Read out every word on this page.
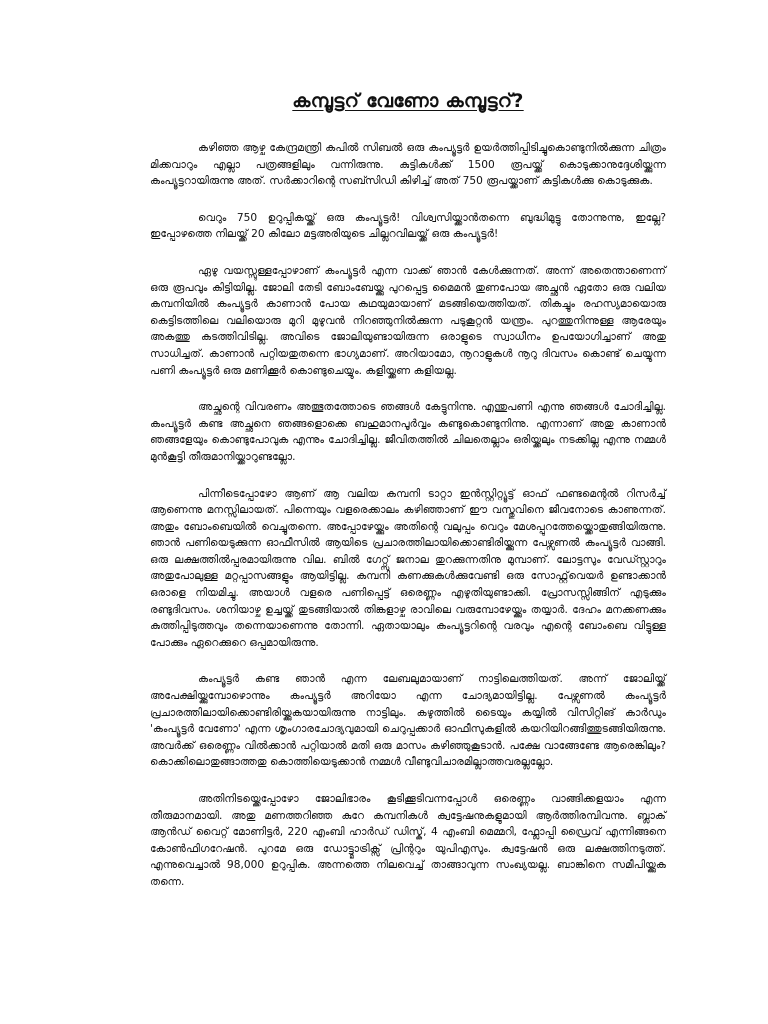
കമ്പൂട്ടറ് വേണോ കമ്പൂട്ടറ്?

കഴിഞ്ഞ ആഴ്ച കേന്ദ്രമന്ത്രി കപിൽ സിബൽ ഒരു കംപ്യൂട്ടർ ഉയർത്തിപ്പിടിച്ചുകൊണ്ടുനിൽക്കുന്ന ചിത്രം മിക്കവാറും എല്ലാ പത്രങ്ങളിലും വന്നിരുന്നു. കുട്ടികൾക്ക് 1500 രൂപയ്ക്ക് കൊടുക്കാനുദ്ദേശിയ്ക്കുന്ന കംപ്യൂട്ടറായിരുന്നു അത്. സർക്കാറിന്റെ സബ്സിഡി കിഴിച്ച് അത് 750 രൂപയ്ക്കാണ് കുട്ടികൾക്കു കൊടുക്കുക.

വെറും 750 ഉറുപ്പികയ്ക്ക് ഒരു കംപ്യൂട്ടർ! വിശ്വസിയ്ക്കാൻതന്നെ ബുദ്ധിമുട്ടു തോന്നുന്നു, ഇല്ലേ? ഇപ്പോഴത്തെ നിലയ്ക്ക് 20 കിലോ മട്ടഅരിയുടെ ചില്ലറവിലയ്ക്ക് ഒരു കംപ്യൂട്ടർ!

ഏഴു വയസ്സുള്ളപ്പോഴാണ് കംപ്യൂട്ടർ എന്ന വാക്ക് ഞാൻ കേൾക്കുന്നത്. അന്ന് അതെന്താണെന്ന് ഒരു രൂപവും കിട്ടിയില്ല. ജോലി തേടി ബോംബേയ്ക്കു പുറപ്പെട്ട മൈമൻ തുണപോയ അച്ഛൻ ഏതോ ഒരു വലിയ കമ്പനിയിൽ കംപ്യൂട്ടർ കാണാൻ പോയ കഥയുമായാണ് മടങ്ങിയെത്തിയത്. തികച്ചും രഹസ്യമായൊരു കെട്ടിടത്തിലെ വലിയൊരു മുറി മുഴുവൻ നിറഞ്ഞുനിൽക്കുന്ന പടുകൂറ്റൻ യന്ത്രം. പുറത്തുനിന്നുള്ള ആരേയും അകത്തു കടത്തിവിടില്ല. അവിടെ ജോലിയുണ്ടായിരുന്ന ഒരാളുടെ സ്വാധീനം ഉപയോഗിച്ചാണ് അതു സാധിച്ചത്. കാണാൻ പറ്റിയതുതന്നെ ഭാഗ്യമാണ്. അറിയാമോ, നൂറാളുകൾ നൂറു ദിവസം കൊണ്ട് ചെയ്യുന്ന പണി കംപ്യൂട്ടർ ഒരു മണിക്കൂർ കൊണ്ടുചെയ്യും. കളിയ്ക്കണ കളിയല്ല.

അച്ഛന്റെ വിവരണം അത്ഭുതത്തോടെ ഞങ്ങൾ കേട്ടുനിന്നു. എന്തുപണി എന്നു ഞങ്ങൾ ചോദിച്ചില്ല. കംപ്യൂട്ടർ കണ്ട അച്ഛനെ ഞങ്ങളൊക്കെ ബഹുമാനപൂർവ്വം കണ്ടുകൊണ്ടുനിന്നു. എന്നാണ് അതു കാണാൻ ഞങ്ങളേയും കൊണ്ടുപോവുക എന്നും ചോദിച്ചില്ല. ജീവിതത്തിൽ ചിലതെല്ലാം ഒരിയ്ക്കലും നടക്കില്ല എന്നു നമ്മൾ മുൻകൂട്ടി തീരുമാനിയ്ക്കാറുണ്ടല്ലോ.

പിന്നീടെപ്പോഴോ ആണ് ആ വലിയ കമ്പനി ടാറ്റാ ഇൻസ്റ്റിറ്റ്യൂട്ട് ഓഫ് ഫണ്ടമെന്റൽ റിസർച്ച് ആണെന്നു മനസ്സിലായത്. പിന്നെയും വളരെക്കാലം കഴിഞ്ഞാണ് ഈ വസ്തുവിനെ ജീവനോടെ കാണുന്നത്. അതും ബോംബെയിൽ വെച്ചുതന്നെ. അപ്പോഴേയ്ക്കും അതിന്റെ വലുപ്പം വെറും മേശപ്പുറത്തേയ്ക്കൊതുങ്ങിയിരുന്നു. ഞാൻ പണിയെടുക്കുന്ന ഓഫീസിൽ ആയിടെ പ്രചാരത്തിലായിക്കൊണ്ടിരിയ്ക്കുന്ന പേഴ്സണൽ കംപ്യൂട്ടർ വാങ്ങി. ഒരു ലക്ഷത്തിൽപ്പരമായിരുന്നു വില. ബിൽ ഗേറ്റ്സ് ജനാല തുറക്കുന്നതിനു മുമ്പാണ്. ലോട്ടസും വേഡ്സ്റ്റാറും അതുപോലുള്ള മറ്റപ്പാസങ്ങളും ആയിട്ടില്ല. കമ്പനി കണക്കുകൾക്കുവേണ്ടി ഒരു സോഫ്റ്റ്‌വെയർ ഉണ്ടാക്കാൻ ഒരാളെ നിയമിച്ചു. അയാൾ വളരെ പണിപ്പെട്ട് ഒരെണ്ണം എഴുതിയുണ്ടാക്കി. പ്രോസസ്സിങ്ങിന് എടുക്കും രണ്ടുദിവസം. ശനിയാഴ്ച ഉച്ചയ്ക്ക് തുടങ്ങിയാൽ തിങ്കളാഴ്ച രാവിലെ വരുമ്പോഴേയ്ക്കും തയ്യാർ. ദേഹം മനക്കണക്കും കുത്തിപ്പിടുത്തവും തന്നെയാണെന്നു തോന്നി. ഏതായാലും കംപ്യൂട്ടറിന്റെ വരവും എന്റെ ബോംബെ വിട്ടുള്ള പോക്കും ഏറെക്കുറെ ഒപ്പമായിരുന്നു.

കംപ്യൂട്ടർ കണ്ട ഞാൻ എന്ന ലേബലുമായാണ് നാട്ടിലെത്തിയത്. അന്ന് ജോലിയ്ക്ക് അപേക്ഷിയ്ക്കുമ്പോഴൊന്നും കംപ്യൂട്ടർ അറിയോ എന്ന ചോദ്യമായിട്ടില്ല. പേഴ്സണൽ കംപ്യൂട്ടർ പ്രചാരത്തിലായിക്കൊണ്ടിരിയ്ക്കുകയായിരുന്നു നാട്ടിലും. കഴുത്തിൽ ടൈയും കയ്യിൽ വിസിറ്റിങ് കാർഡും 'കംപ്യൂട്ടർ വേണോ' എന്ന ശൃംഗാരചോദ്യവുമായി ചെറുപ്പക്കാർ ഓഫീസുകളിൽ കയറിയിറങ്ങിത്തുടങ്ങിയിരുന്നു. അവർക്ക് ഒരെണ്ണം വിൽക്കാൻ പറ്റിയാൽ മതി ഒരു മാസം കഴിഞ്ഞുകൂടാൻ. പക്ഷേ വാങ്ങേണ്ടേ ആരെങ്കിലും? കൊക്കിലൊതുങ്ങാത്തതു കൊത്തിയെടുക്കാൻ നമ്മൾ വീണ്ടുവിചാരമില്ലാത്തവരല്ലല്ലോ.

അതിനിടയ്ക്കെപ്പോഴോ ജോലിഭാരം കൂടിക്കൂടിവന്നപ്പോൾ ഒരെണ്ണം വാങ്ങിക്കളയാം എന്ന തീരുമാനമായി. അതു മണത്തറിഞ്ഞ കുറേ കമ്പനികൾ ക്വട്ടേഷനുകളുമായി ആർത്തിരമ്പിവന്നു. ബ്ലാക് ആൻഡ് വൈറ്റ് മോണിട്ടർ, 220 എംബി ഹാർഡ് ഡിസ്ക്, 4 എംബി മെമ്മറി, ഫ്ലോപ്പി ഡ്രൈവ് എന്നിങ്ങനെ കോൺഫിഗറേഷൻ. പുറമേ ഒരു ഡോട്ട്മാട്രിക്സ് പ്രിന്ററും യുപിഎസും. ക്വട്ടേഷൻ ഒരു ലക്ഷത്തിനടുത്ത്. എന്നുവെച്ചാൽ 98,000 ഉറുപ്പിക. അന്നത്തെ നിലവെച്ച് താങ്ങാവുന്ന സംഖ്യയല്ല. ബാങ്കിനെ സമീപിയ്ക്കുക തന്നെ.
